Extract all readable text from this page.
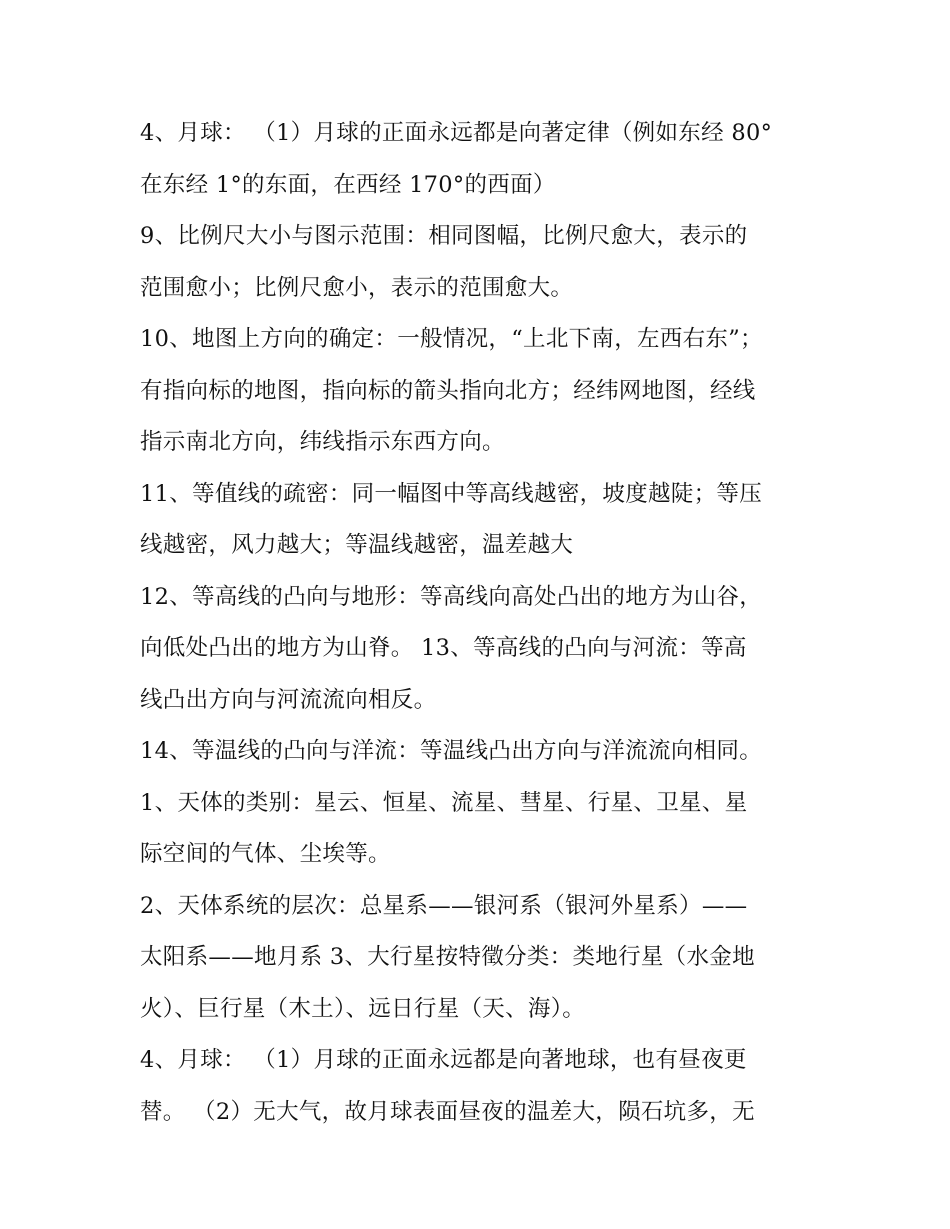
4、月球： （1）月球的正面永远都是向著定律（例如东经 80°
在东经 1°的东面，在西经 170°的西面）
9、比例尺大小与图示范围：相同图幅，比例尺愈大，表示的
范围愈小；比例尺愈小，表示的范围愈大。
10、地图上方向的确定：一般情况，“上北下南，左西右东”；
有指向标的地图，指向标的箭头指向北方；经纬网地图，经线
指示南北方向，纬线指示东西方向。
11、等值线的疏密：同一幅图中等高线越密，坡度越陡；等压
线越密，风力越大；等温线越密，温差越大
12、等高线的凸向与地形：等高线向高处凸出的地方为山谷，
向低处凸出的地方为山脊。 13、等高线的凸向与河流：等高
线凸出方向与河流流向相反。
14、等温线的凸向与洋流：等温线凸出方向与洋流流向相同。
1、天体的类别：星云、恒星、流星、彗星、行星、卫星、星
际空间的气体、尘埃等。
2、天体系统的层次：总星系——银河系（银河外星系）——
太阳系——地月系 3、大行星按特徵分类：类地行星（水金地
火）、巨行星（木土）、远日行星（天、海）。
4、月球： （1）月球的正面永远都是向著地球，也有昼夜更
替。 （2）无大气，故月球表面昼夜的温差大，陨石坑多，无
